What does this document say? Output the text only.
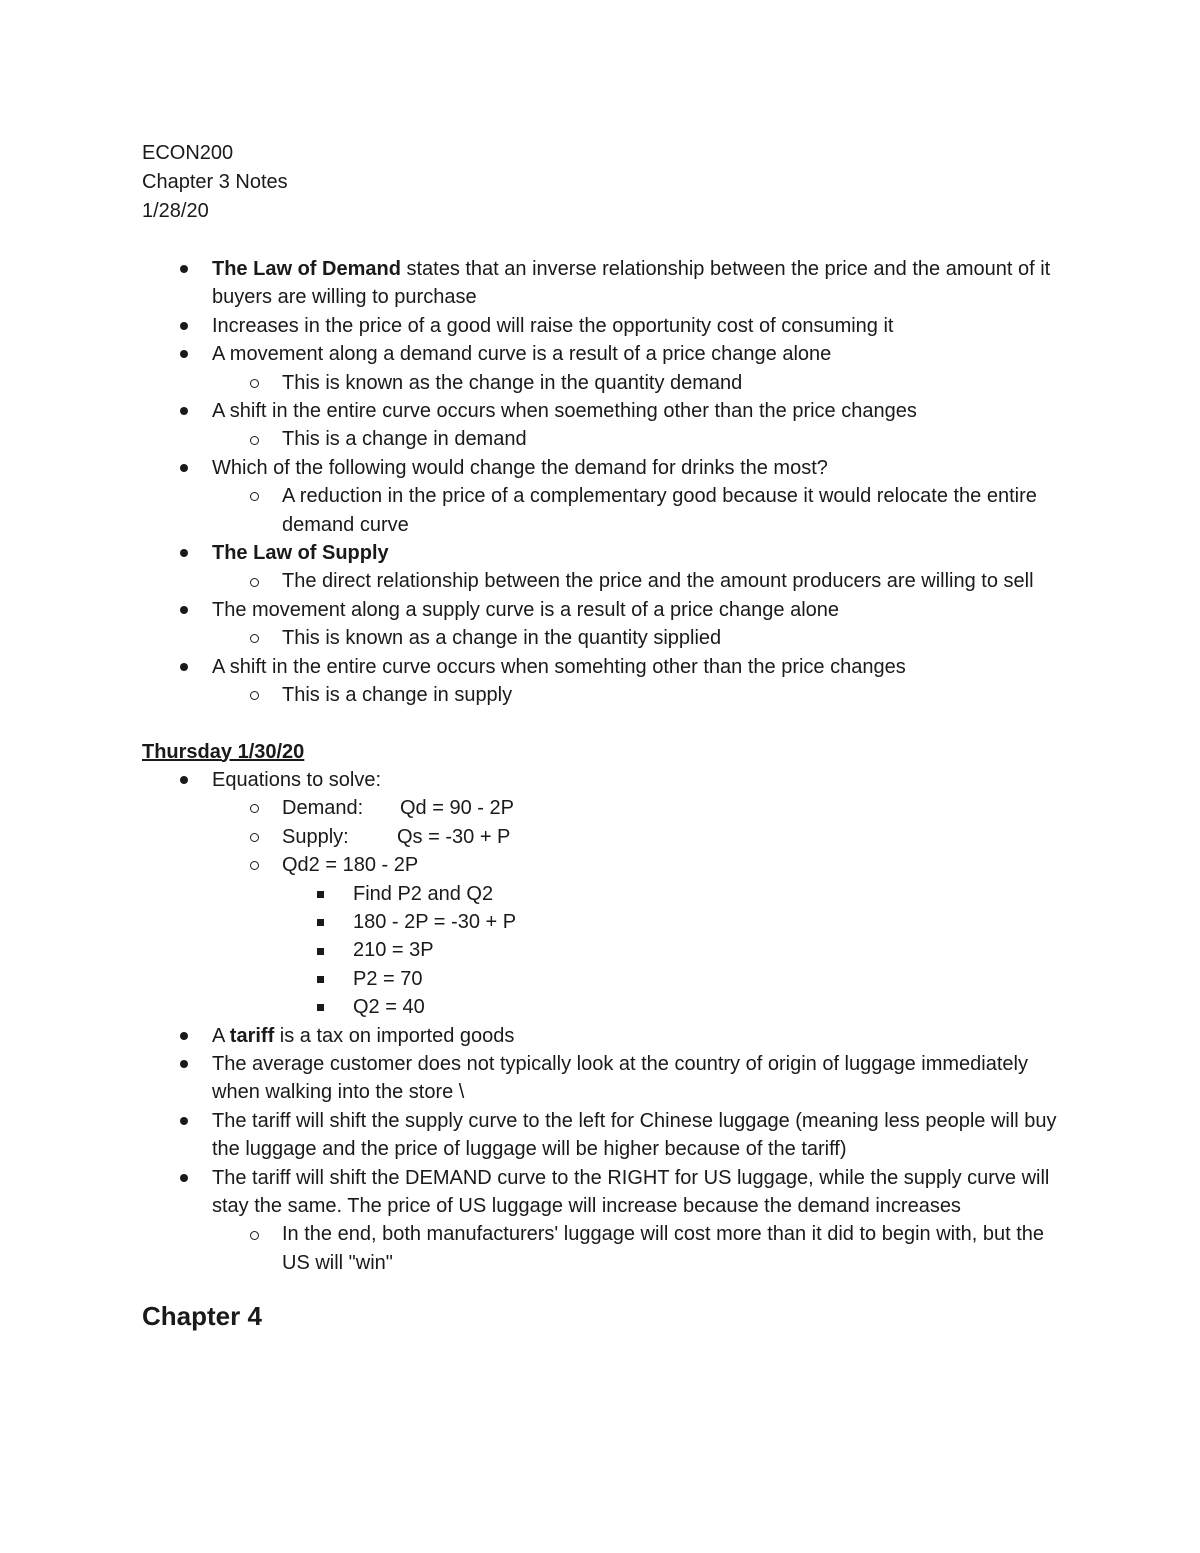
ECON200
Chapter 3 Notes
1/28/20
The Law of Demand states that an inverse relationship between the price and the amount of it buyers are willing to purchase
Increases in the price of a good will raise the opportunity cost of consuming it
A movement along a demand curve is a result of a price change alone
This is known as the change in the quantity demand
A shift in the entire curve occurs when soemething other than the price changes
This is a change in demand
Which of the following would change the demand for drinks the most?
A reduction in the price of a complementary good because it would relocate the entire demand curve
The Law of Supply
The direct relationship between the price and the amount producers are willing to sell
The movement along a supply curve is a result of a price change alone
This is known as a change in the quantity sipplied
A shift in the entire curve occurs when somehting other than the price changes
This is a change in supply
Thursday 1/30/20
Equations to solve:
Demand: Qd = 90 - 2P
Supply: Qs = -30 + P
Qd2 = 180 - 2P
Find P2 and Q2
180 - 2P = -30 + P
210 = 3P
P2 = 70
Q2 = 40
A tariff is a tax on imported goods
The average customer does not typically look at the country of origin of luggage immediately when walking into the store \
The tariff will shift the supply curve to the left for Chinese luggage (meaning less people will buy the luggage and the price of luggage will be higher because of the tariff)
The tariff will shift the DEMAND curve to the RIGHT for US luggage, while the supply curve will stay the same. The price of US luggage will increase because the demand increases
In the end, both manufacturers' luggage will cost more than it did to begin with, but the US will "win"
Chapter 4
